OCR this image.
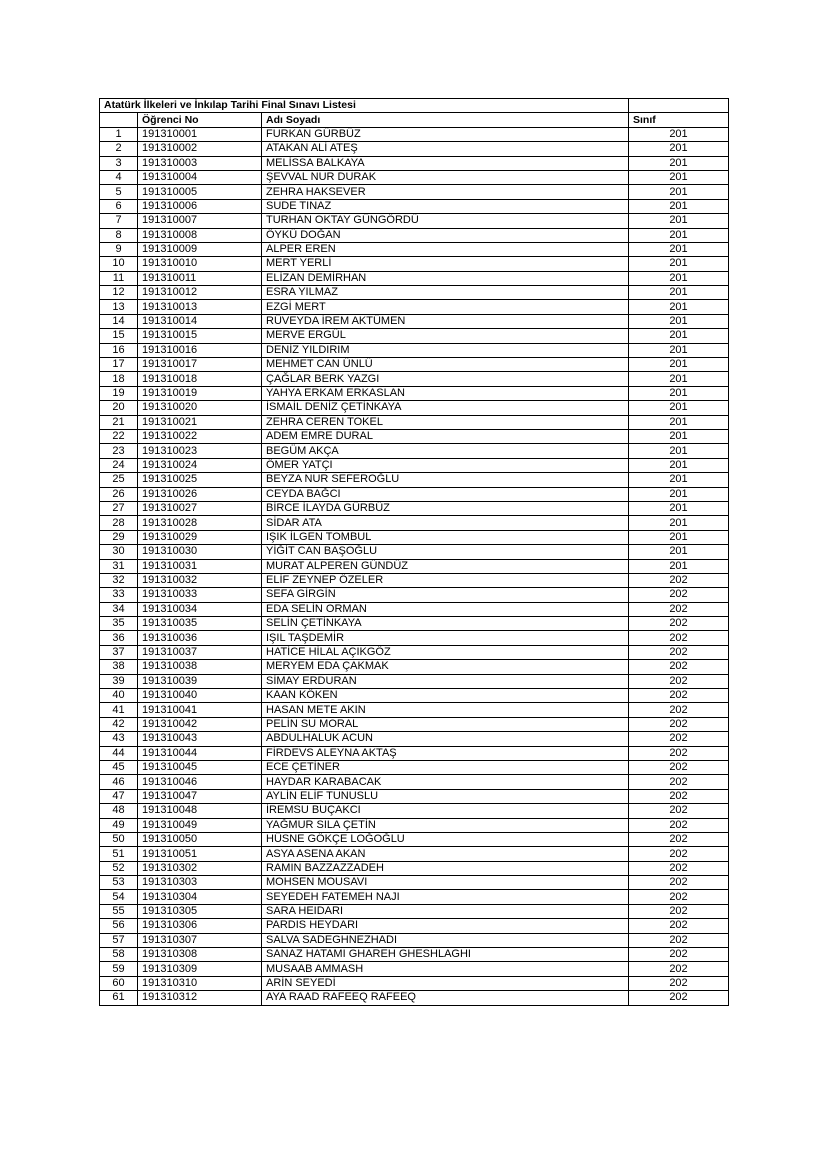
Atatürk İlkeleri ve İnkılap Tarihi Final Sınavı Listesi			
	Öğrenci No	Adı Soyadı	Sınıf
1	191310001	FURKAN GÜRBÜZ	201
2	191310002	ATAKAN ALİ ATEŞ	201
3	191310003	MELİSSA BALKAYA	201
4	191310004	ŞEVVAL NUR DURAK	201
5	191310005	ZEHRA HAKSEVER	201
6	191310006	SUDE TINAZ	201
7	191310007	TURHAN OKTAY GÜNGÖRDÜ	201
8	191310008	ÖYKÜ DOĞAN	201
9	191310009	ALPER EREN	201
10	191310010	MERT YERLİ	201
11	191310011	ELİZAN DEMİRHAN	201
12	191310012	ESRA YILMAZ	201
13	191310013	EZGİ MERT	201
14	191310014	RÜVEYDA İREM AKTÜMEN	201
15	191310015	MERVE ERGÜL	201
16	191310016	DENİZ YILDIRIM	201
17	191310017	MEHMET CAN ÜNLÜ	201
18	191310018	ÇAĞLAR BERK YAZGI	201
19	191310019	YAHYA ERKAM ERKASLAN	201
20	191310020	İSMAİL DENİZ ÇETİNKAYA	201
21	191310021	ZEHRA CEREN TOKEL	201
22	191310022	ADEM EMRE DURAL	201
23	191310023	BEGÜM AKÇA	201
24	191310024	ÖMER YATÇI	201
25	191310025	BEYZA NUR SEFEROĞLU	201
26	191310026	CEYDA BAĞCI	201
27	191310027	BİRCE İLAYDA GÜRBÜZ	201
28	191310028	SİDAR ATA	201
29	191310029	IŞIK İLGEN TOMBUL	201
30	191310030	YİĞİT CAN BAŞOĞLU	201
31	191310031	MURAT ALPEREN GÜNDÜZ	201
32	191310032	ELİF ZEYNEP ÖZELER	202
33	191310033	SEFA GİRGİN	202
34	191310034	EDA SELİN ORMAN	202
35	191310035	SELİN ÇETİNKAYA	202
36	191310036	IŞIL TAŞDEMİR	202
37	191310037	HATİCE HİLAL AÇIKGÖZ	202
38	191310038	MERYEM EDA ÇAKMAK	202
39	191310039	SİMAY ERDURAN	202
40	191310040	KAAN KÖKEN	202
41	191310041	HASAN METE AKIN	202
42	191310042	PELİN SU MORAL	202
43	191310043	ABDULHALUK ACUN	202
44	191310044	FİRDEVS ALEYNA AKTAŞ	202
45	191310045	ECE ÇETİNER	202
46	191310046	HAYDAR KARABACAK	202
47	191310047	AYLİN ELİF TUNUSLU	202
48	191310048	İREMSU BUÇAKCI	202
49	191310049	YAĞMUR SILA ÇETİN	202
50	191310050	HÜSNE GÖKÇE LOĞOĞLU	202
51	191310051	ASYA ASENA AKAN	202
52	191310302	RAMIN BAZZAZZADEH	202
53	191310303	MOHSEN MOUSAVI	202
54	191310304	SEYEDEH FATEMEH NAJI	202
55	191310305	SARA HEIDARI	202
56	191310306	PARDIS HEYDARI	202
57	191310307	SALVA SADEGHNEZHADI	202
58	191310308	SANAZ HATAMI GHAREH GHESHLAGHI	202
59	191310309	MUSAAB AMMASH	202
60	191310310	ARİN SEYEDİ	202
61	191310312	AYA RAAD RAFEEQ RAFEEQ	202
